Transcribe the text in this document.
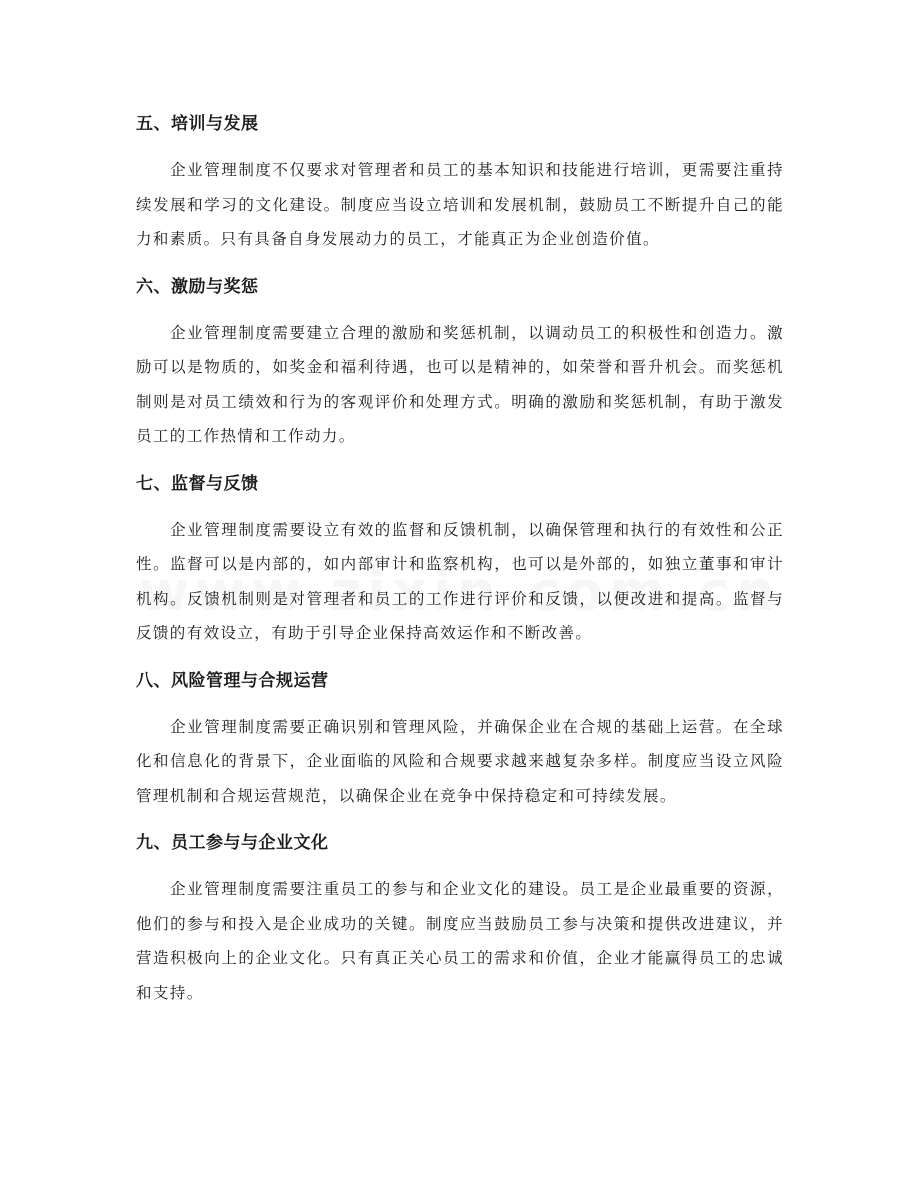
五、培训与发展

企业管理制度不仅要求对管理者和员工的基本知识和技能进行培训，更需要注重持续发展和学习的文化建设。制度应当设立培训和发展机制，鼓励员工不断提升自己的能力和素质。只有具备自身发展动力的员工，才能真正为企业创造价值。

六、激励与奖惩

企业管理制度需要建立合理的激励和奖惩机制，以调动员工的积极性和创造力。激励可以是物质的，如奖金和福利待遇，也可以是精神的，如荣誉和晋升机会。而奖惩机制则是对员工绩效和行为的客观评价和处理方式。明确的激励和奖惩机制，有助于激发员工的工作热情和工作动力。

七、监督与反馈

企业管理制度需要设立有效的监督和反馈机制，以确保管理和执行的有效性和公正性。监督可以是内部的，如内部审计和监察机构，也可以是外部的，如独立董事和审计机构。反馈机制则是对管理者和员工的工作进行评价和反馈，以便改进和提高。监督与反馈的有效设立，有助于引导企业保持高效运作和不断改善。

八、风险管理与合规运营

企业管理制度需要正确识别和管理风险，并确保企业在合规的基础上运营。在全球化和信息化的背景下，企业面临的风险和合规要求越来越复杂多样。制度应当设立风险管理机制和合规运营规范，以确保企业在竞争中保持稳定和可持续发展。

九、员工参与与企业文化

企业管理制度需要注重员工的参与和企业文化的建设。员工是企业最重要的资源，他们的参与和投入是企业成功的关键。制度应当鼓励员工参与决策和提供改进建议，并营造积极向上的企业文化。只有真正关心员工的需求和价值，企业才能赢得员工的忠诚和支持。
